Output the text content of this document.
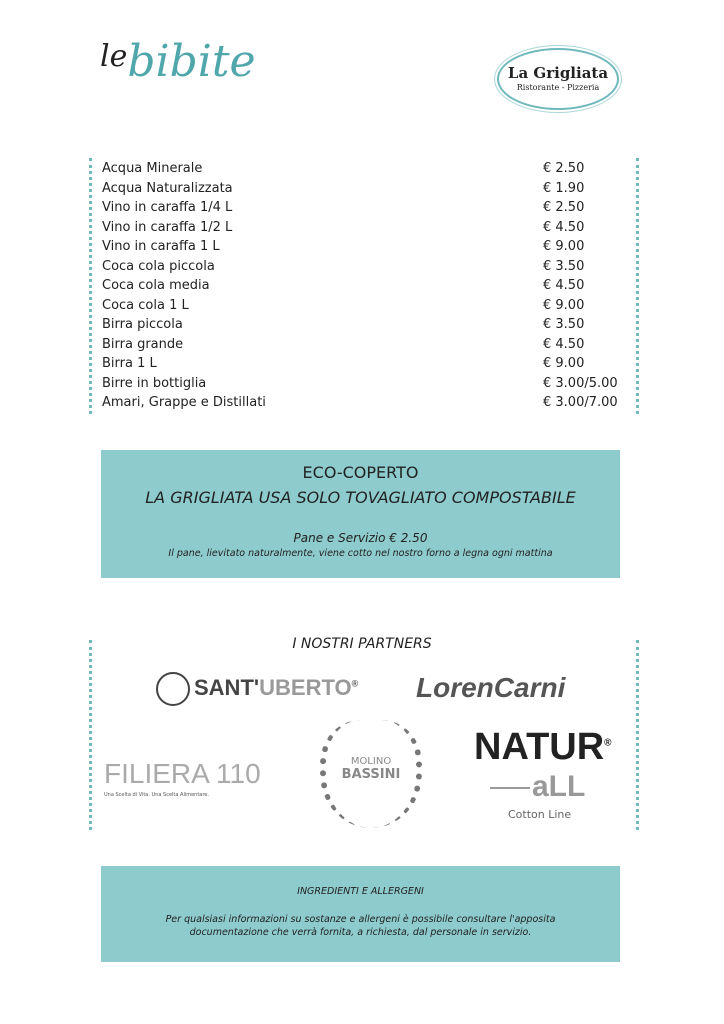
lebibite	La Grigliata
Ristorante - Pizzeria
Acqua Minerale	€ 2.50
Acqua Naturalizzata	€ 1.90
Vino in caraffa 1/4 L	€ 2.50
Vino in caraffa 1/2 L	€ 4.50
Vino in caraffa 1 L	€ 9.00
Coca cola piccola	€ 3.50
Coca cola media	€ 4.50
Coca cola 1 L	€ 9.00
Birra piccola	€ 3.50
Birra grande	€ 4.50
Birra 1 L	€ 9.00
Birre in bottiglia	€ 3.00/5.00
Amari, Grappe e Distillati	€ 3.00/7.00
ECO-COPERTO
LA GRIGLIATA USA SOLO TOVAGLIATO COMPOSTABILE
Pane e Servizio € 2.50
Il pane, lievitato naturalmente, viene cotto nel nostro forno a legna ogni mattina
I NOSTRI PARTNERS
SANT'UBERTO® LorenCarni
FILIERA 110
Una Scelta di Vita. Una Scelta Alimentare.
MOLINO
BASSINI
NATUR®
aLL
Cotton Line
INGREDIENTI E ALLERGENI
Per qualsiasi informazioni su sostanze e allergeni è possibile consultare l'apposita
documentazione che verrà fornita, a richiesta, dal personale in servizio.
